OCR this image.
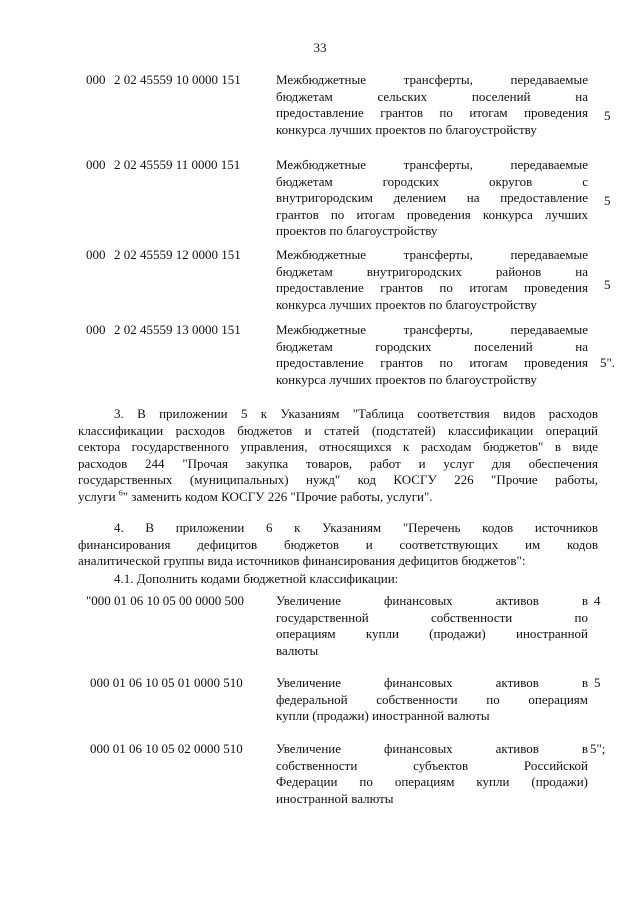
33
000 2 02 45559 10 0000 151	Межбюджетные трансферты, передаваемые
бюджетам сельских поселений на
предоставление грантов по итогам проведения
конкурса лучших проектов по благоустройству
5
000 2 02 45559 11 0000 151	Межбюджетные трансферты, передаваемые
бюджетам городских округов с
внутригородским делением на предоставление
грантов по итогам проведения конкурса лучших
проектов по благоустройству
5
000 2 02 45559 12 0000 151	Межбюджетные трансферты, передаваемые
бюджетам внутригородских районов на
предоставление грантов по итогам проведения
конкурса лучших проектов по благоустройству
5
000 2 02 45559 13 0000 151	Межбюджетные трансферты, передаваемые
бюджетам городских поселений на
предоставление грантов по итогам проведения
конкурса лучших проектов по благоустройству
5".
3. В приложении 5 к Указаниям "Таблица соответствия видов расходов
классификации расходов бюджетов и статей (подстатей) классификации операций
сектора государственного управления, относящихся к расходам бюджетов" в виде
расходов 244 "Прочая закупка товаров, работ и услуг для обеспечения
государственных (муниципальных) нужд" код КОСГУ 226 "Прочие работы,
услуги $^6$" заменить кодом КОСГУ 226 "Прочие работы, услуги".
4. В приложении 6 к Указаниям "Перечень кодов источников
финансирования дефицитов бюджетов и соответствующих им кодов
аналитической группы вида источников финансирования дефицитов бюджетов":
4.1. Дополнить кодами бюджетной классификации:
"000 01 06 10 05 00 0000 500 Увеличение финансовых активов в
государственной собственности по
операциям купли (продажи) иностранной
валюты
4
000 01 06 10 05 01 0000 510	Увеличение финансовых активов в
федеральной собственности по операциям
купли (продажи) иностранной валюты
5
000 01 06 10 05 02 0000 510	Увеличение финансовых активов в
собственности субъектов Российской
Федерации по операциям купли (продажи)
иностранной валюты
5";
